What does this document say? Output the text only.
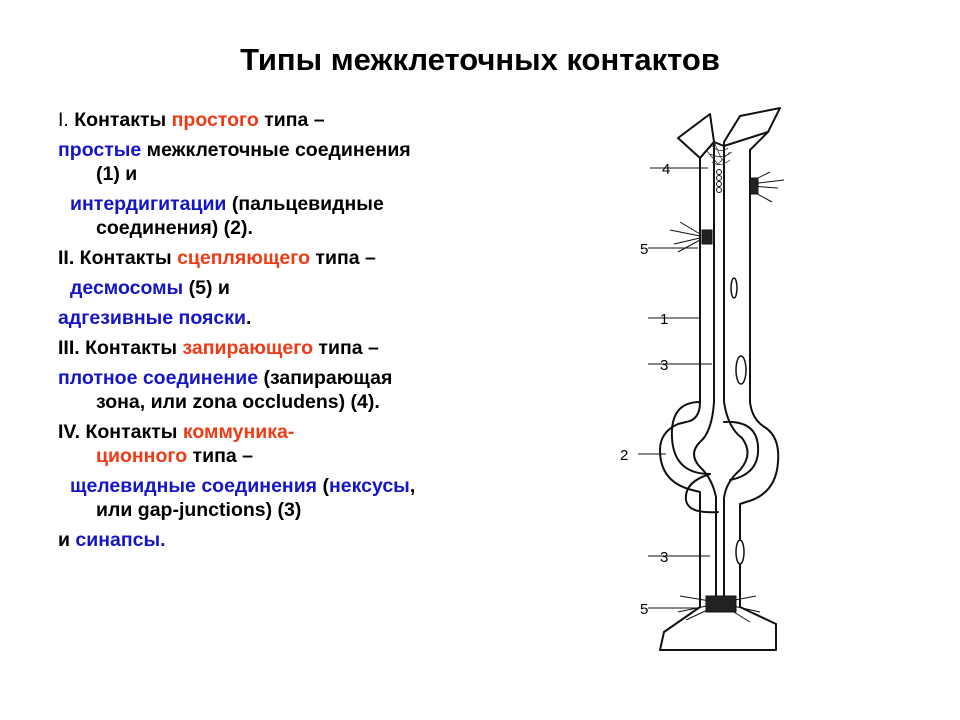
Типы межклеточных контактов
I. Контакты простого типа –
простые межклеточные соединения
(1) и
интердигитации (пальцевидные
соединения) (2).
II. Контакты сцепляющего типа –
десмосомы (5) и
адгезивные пояски.
III. Контакты запирающего типа –
плотное соединение (запирающая
зона, или zona occludens) (4).
IV. Контакты коммуника-
ционного типа –
щелевидные соединения (нексусы,
или gap-junctions) (3)
и синапсы.
4
5
1
3
2
3
5
